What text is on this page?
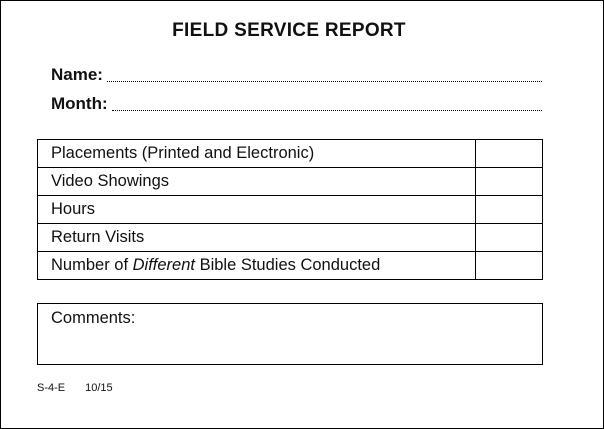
FIELD SERVICE REPORT
Name:
Month:
Placements (Printed and Electronic)	
Video Showings	
Hours	
Return Visits	
Number of Different Bible Studies Conducted	
Comments:
S-4-E 10/15
